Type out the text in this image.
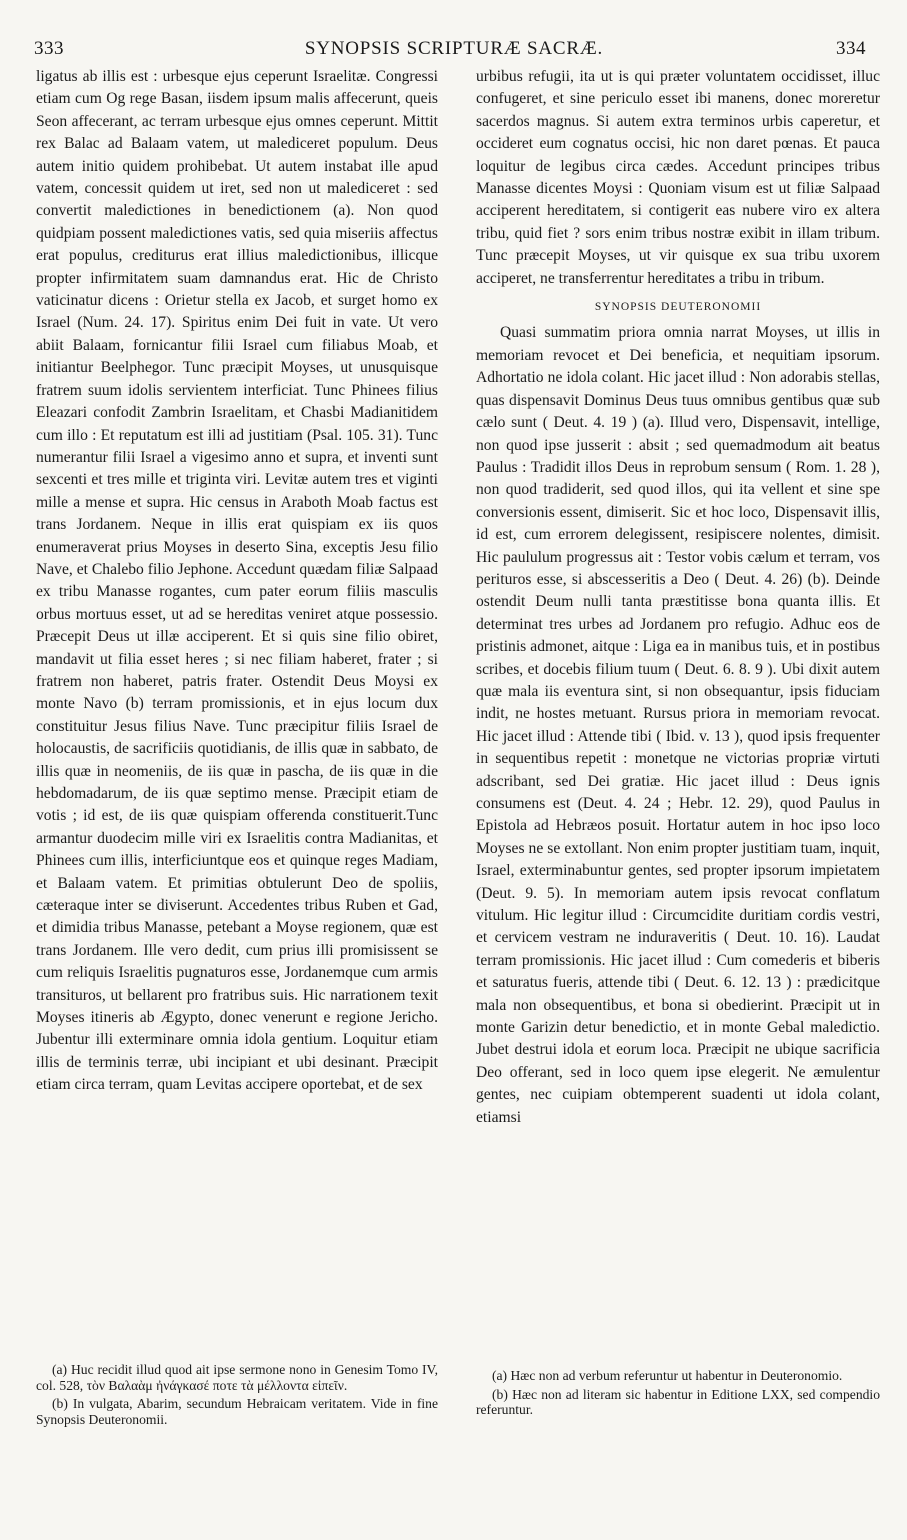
333	SYNOPSIS SCRIPTURÆ SACRÆ.	334

ligatus ab illis est : urbesque ejus ceperunt Israelitæ. Congressi etiam cum Og rege Basan, iisdem ipsum malis affecerunt, queis Seon affecerant, ac terram urbesque ejus omnes ceperunt. Mittit rex Balac ad Balaam vatem, ut malediceret populum. Deus autem initio quidem prohibebat. Ut autem instabat ille apud vatem, concessit quidem ut iret, sed non ut malediceret : sed convertit maledictiones in benedictionem (a). Non quod quidpiam possent maledictiones vatis, sed quia miseriis affectus erat populus, crediturus erat illius maledictionibus, illicque propter infirmitatem suam damnandus erat. Hic de Christo vaticinatur dicens : Orietur stella ex Jacob, et surget homo ex Israel (Num. 24. 17). Spiritus enim Dei fuit in vate. Ut vero abiit Balaam, fornicantur filii Israel cum filiabus Moab, et initiantur Beelphegor. Tunc præcipit Moyses, ut unusquisque fratrem suum idolis servientem interficiat. Tunc Phinees filius Eleazari confodit Zambrin Israelitam, et Chasbi Madianitidem cum illo : Et reputatum est illi ad justitiam (Psal. 105. 31). Tunc numerantur filii Israel a vigesimo anno et supra, et inventi sunt sexcenti et tres mille et triginta viri. Levitæ autem tres et viginti mille a mense et supra. Hic census in Araboth Moab factus est trans Jordanem. Neque in illis erat quispiam ex iis quos enumeraverat prius Moyses in deserto Sina, exceptis Jesu filio Nave, et Chalebo filio Jephone. Accedunt quædam filiæ Salpaad ex tribu Manasse rogantes, cum pater eorum filiis masculis orbus mortuus esset, ut ad se hereditas veniret atque possessio. Præcepit Deus ut illæ acciperent. Et si quis sine filio obiret, mandavit ut filia esset heres ; si nec filiam haberet, frater ; si fratrem non haberet, patris frater. Ostendit Deus Moysi ex monte Navo (b) terram promissionis, et in ejus locum dux constituitur Jesus filius Nave. Tunc præcipitur filiis Israel de holocaustis, de sacrificiis quotidianis, de illis quæ in sabbato, de illis quæ in neomeniis, de iis quæ in pascha, de iis quæ in die hebdomadarum, de iis quæ septimo mense. Præcipit etiam de votis ; id est, de iis quæ quispiam offerenda constituerit.Tunc armantur duodecim mille viri ex Israelitis contra Madianitas, et Phinees cum illis, interficiuntque eos et quinque reges Madiam, et Balaam vatem. Et primitias obtulerunt Deo de spoliis, cæteraque inter se diviserunt. Accedentes tribus Ruben et Gad, et dimidia tribus Manasse, petebant a Moyse regionem, quæ est trans Jordanem. Ille vero dedit, cum prius illi promisissent se cum reliquis Israelitis pugnaturos esse, Jordanemque cum armis transituros, ut bellarent pro fratribus suis. Hic narrationem texit Moyses itineris ab Ægypto, donec venerunt e regione Jericho. Jubentur illi exterminare omnia idola gentium. Loquitur etiam illis de terminis terræ, ubi incipiant et ubi desinant. Præcipit etiam circa terram, quam Levitas accipere oportebat, et de sex

urbibus refugii, ita ut is qui præter voluntatem occidisset, illuc confugeret, et sine periculo esset ibi manens, donec moreretur sacerdos magnus. Si autem extra terminos urbis caperetur, et occideret eum cognatus occisi, hic non daret pœnas. Et pauca loquitur de legibus circa cædes. Accedunt principes tribus Manasse dicentes Moysi : Quoniam visum est ut filiæ Salpaad acciperent hereditatem, si contigerit eas nubere viro ex altera tribu, quid fiet ? sors enim tribus nostræ exibit in illam tribum. Tunc præcepit Moyses, ut vir quisque ex sua tribu uxorem acciperet, ne transferrentur hereditates a tribu in tribum.

SYNOPSIS DEUTERONOMII

Quasi summatim priora omnia narrat Moyses, ut illis in memoriam revocet et Dei beneficia, et nequitiam ipsorum. Adhortatio ne idola colant. Hic jacet illud : Non adorabis stellas, quas dispensavit Dominus Deus tuus omnibus gentibus quæ sub cælo sunt ( Deut. 4. 19 ) (a). Illud vero, Dispensavit, intellige, non quod ipse jusserit : absit ; sed quemadmodum ait beatus Paulus : Tradidit illos Deus in reprobum sensum ( Rom. 1. 28 ), non quod tradiderit, sed quod illos, qui ita vellent et sine spe conversionis essent, dimiserit. Sic et hoc loco, Dispensavit illis, id est, cum errorem delegissent, resipiscere nolentes, dimisit. Hic paululum progressus ait : Testor vobis cælum et terram, vos perituros esse, si abscesseritis a Deo ( Deut. 4. 26) (b). Deinde ostendit Deum nulli tanta præstitisse bona quanta illis. Et determinat tres urbes ad Jordanem pro refugio. Adhuc eos de pristinis admonet, aitque : Liga ea in manibus tuis, et in postibus scribes, et docebis filium tuum ( Deut. 6. 8. 9 ). Ubi dixit autem quæ mala iis eventura sint, si non obsequantur, ipsis fiduciam indit, ne hostes metuant. Rursus priora in memoriam revocat. Hic jacet illud : Attende tibi ( Ibid. v. 13 ), quod ipsis frequenter in sequentibus repetit : monetque ne victorias propriæ virtuti adscribant, sed Dei gratiæ. Hic jacet illud : Deus ignis consumens est (Deut. 4. 24 ; Hebr. 12. 29), quod Paulus in Epistola ad Hebræos posuit. Hortatur autem in hoc ipso loco Moyses ne se extollant. Non enim propter justitiam tuam, inquit, Israel, exterminabuntur gentes, sed propter ipsorum impietatem (Deut. 9. 5). In memoriam autem ipsis revocat conflatum vitulum. Hic legitur illud : Circumcidite duritiam cordis vestri, et cervicem vestram ne induraveritis ( Deut. 10. 16). Laudat terram promissionis. Hic jacet illud : Cum comederis et biberis et saturatus fueris, attende tibi ( Deut. 6. 12. 13 ) : prædicitque mala non obsequentibus, et bona si obedierint. Præcipit ut in monte Garizin detur benedictio, et in monte Gebal maledictio. Jubet destrui idola et eorum loca. Præcipit ne ubique sacrificia Deo offerant, sed in loco quem ipse elegerit. Ne æmulentur gentes, nec cuipiam obtemperent suadenti ut idola colant, etiamsi

(a) Huc recidit illud quod ait ipse sermone nono in Genesim Tomo IV, col. 528, τὸν Βαλαὰμ ἠνάγκασέ ποτε τὰ μέλλοντα εἰπεῖν.

(b) In vulgata, Abarim, secundum Hebraicam veritatem. Vide in fine Synopsis Deuteronomii.

(a) Hæc non ad verbum referuntur ut habentur in Deuteronomio.

(b) Hæc non ad literam sic habentur in Editione LXX, sed compendio referuntur.
